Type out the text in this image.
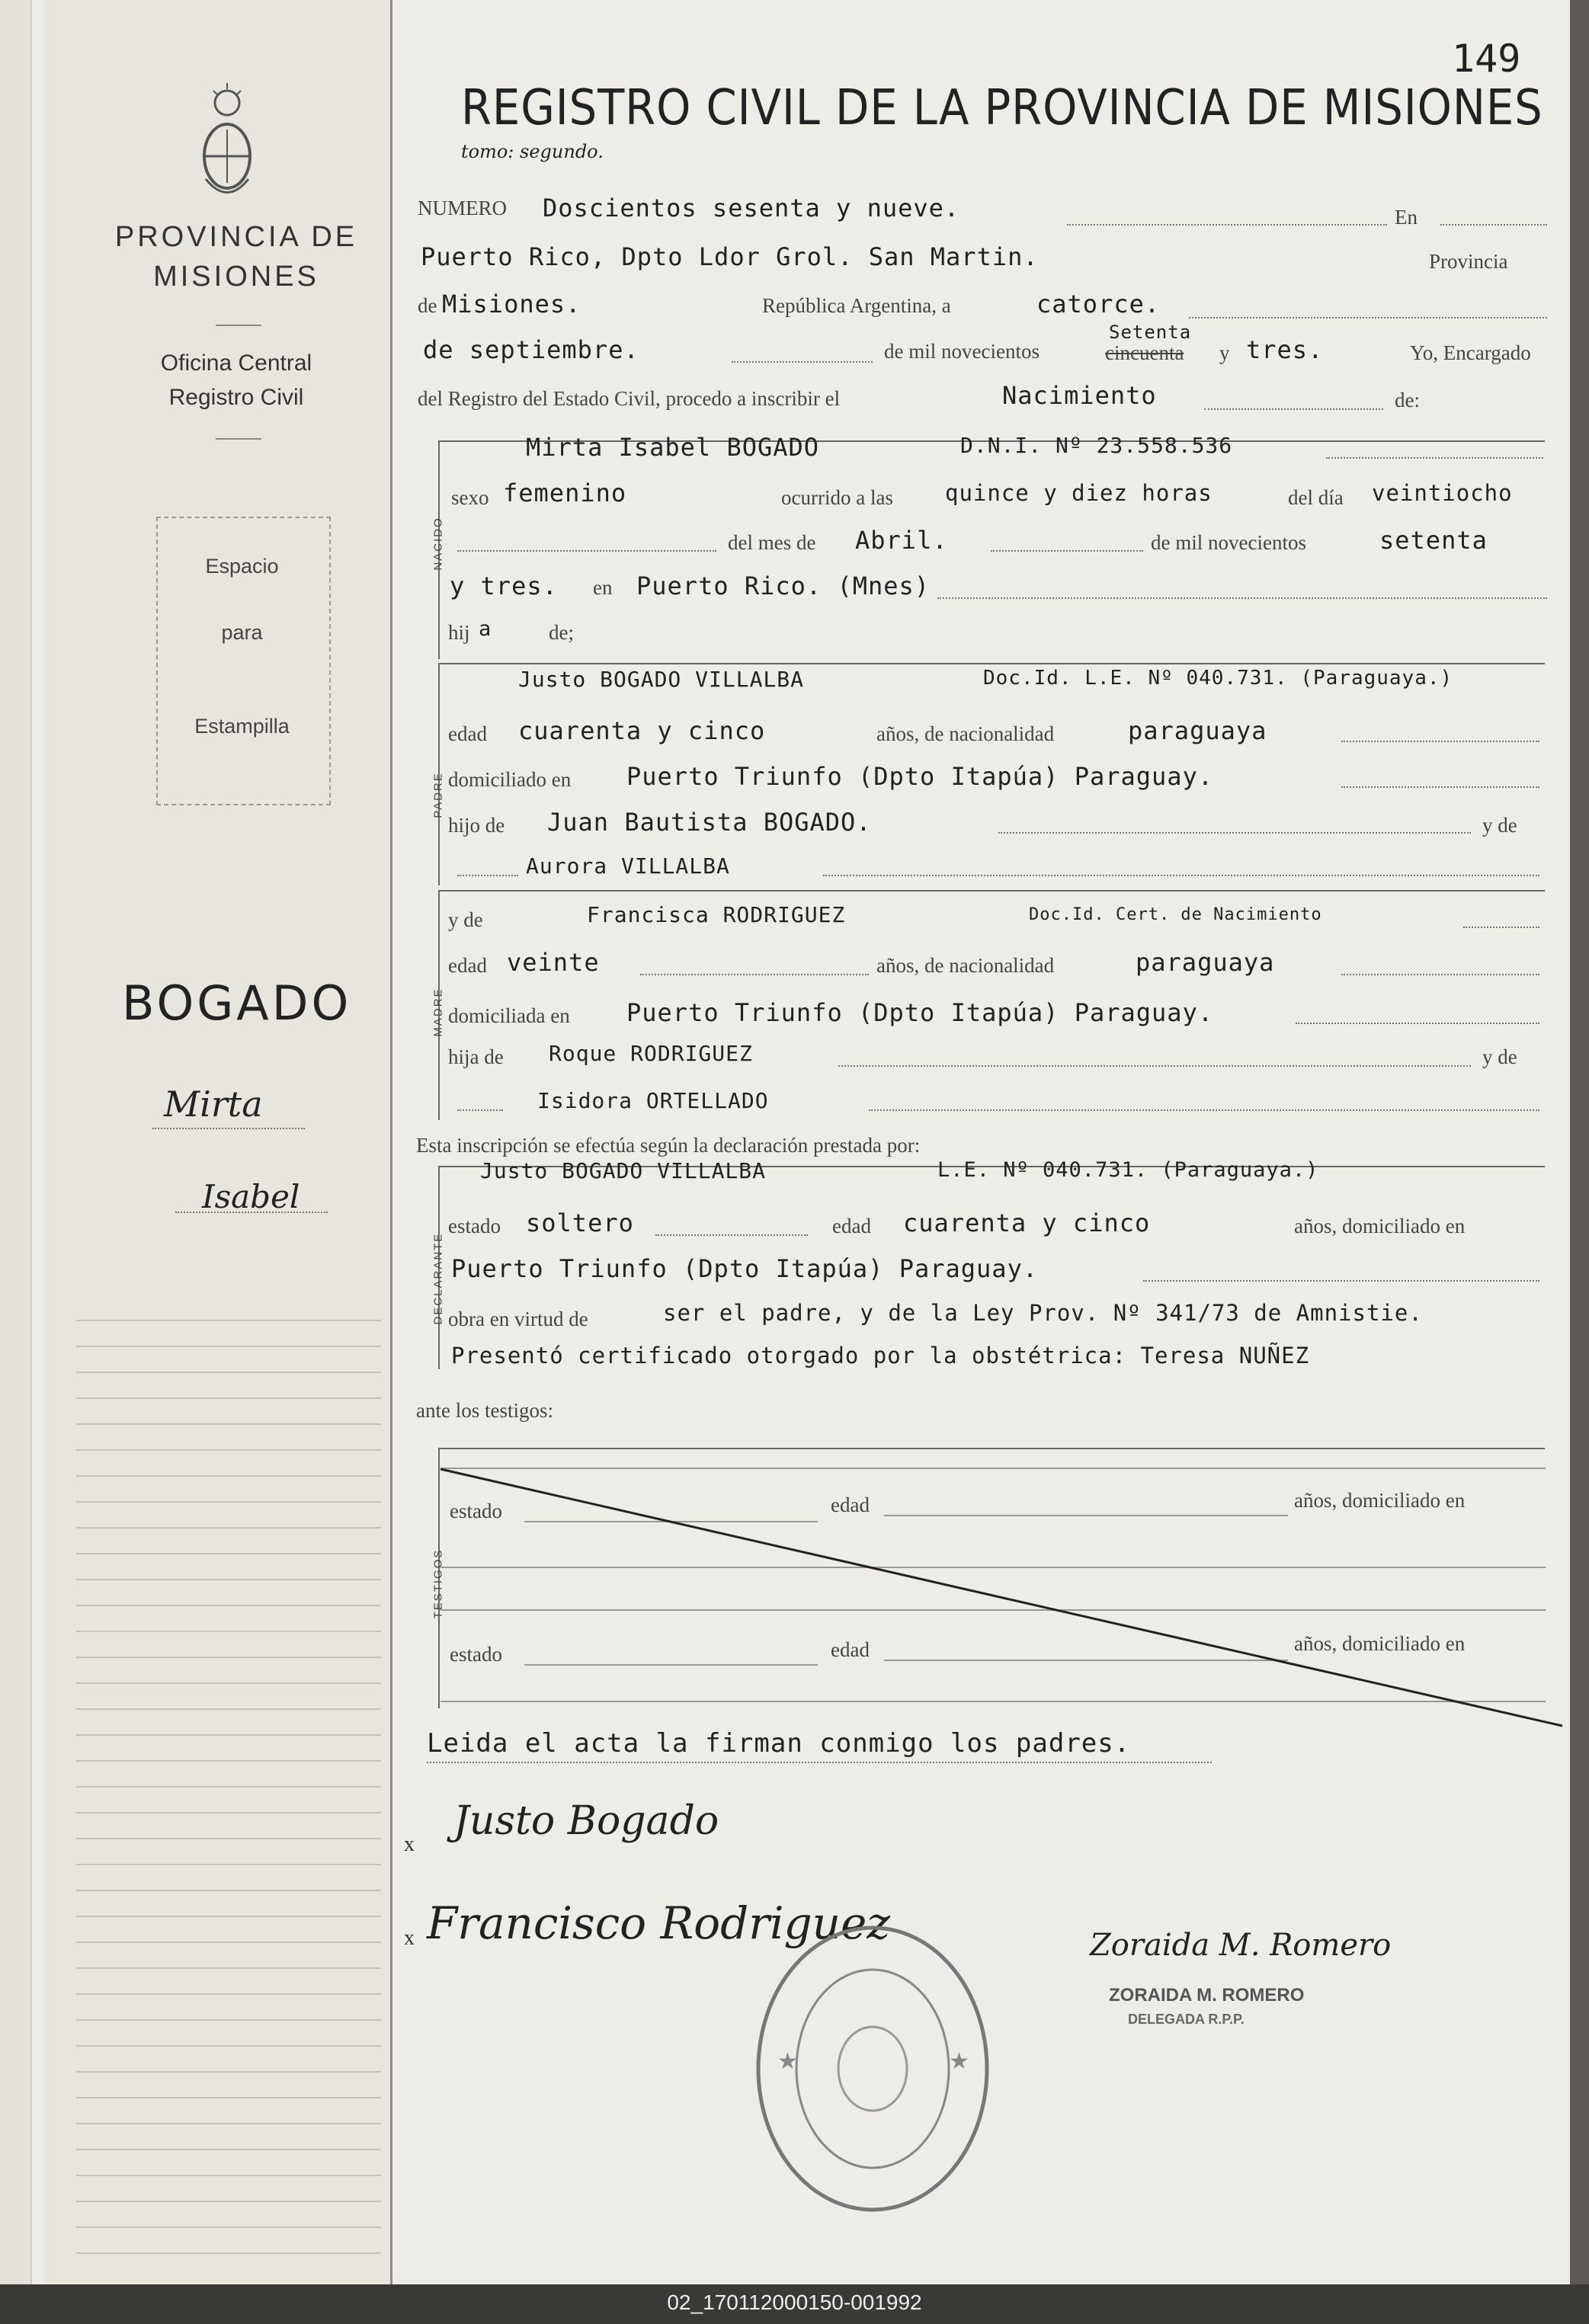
PROVINCIA DE
MISIONES
Oficina Central
Registro Civil
Espacio
para
Estampilla
BOGADO
Mirta
Isabel
149
REGISTRO CIVIL DE LA PROVINCIA DE MISIONES
tomo: segundo.
NUMERO Doscientos sesenta y nueve.	En
Puerto Rico, Dpto Ldor Grol. San Martin.	Provincia
de Misiones.	República Argentina, a	catorce.
de septiembre.	de mil novecientos
Setenta
cincuenta y tres.	Yo, Encargado
del Registro del Estado Civil, procedo a inscribir el	Nacimiento	de:
NACIDO
Mirta Isabel BOGADO	D.N.I. Nº 23.558.536
sexo femenino	ocurrido a las quince y diez horas	del día veintiocho
del mes de Abril.	de mil novecientos	setenta
y tres. en Puerto Rico. (Mnes)
hij a	de;
PADRE
Justo BOGADO VILLALBA	Doc.Id. L.E. Nº 040.731. (Paraguaya.)
edad cuarenta y cinco	años, de nacionalidad	paraguaya
domiciliado en Puerto Triunfo (Dpto Itapúa) Paraguay.
hijo de Juan Bautista BOGADO.	y de
Aurora VILLALBA
MADRE
y de	Francisca RODRIGUEZ	Doc.Id. Cert. de Nacimiento
edad veinte	años, de nacionalidad	paraguaya
domiciliada en Puerto Triunfo (Dpto Itapúa) Paraguay.
hija de Roque RODRIGUEZ	y de
Isidora ORTELLADO
Esta inscripción se efectúa según la declaración prestada por:
DECLARANTE
Justo BOGADO VILLALBA	L.E. Nº 040.731. (Paraguaya.)
estado soltero	edad cuarenta y cinco	años, domiciliado en
Puerto Triunfo (Dpto Itapúa) Paraguay.
obra en virtud de	ser el padre, y de la Ley Prov. Nº 341/73 de Amnistie.
Presentó certificado otorgado por la obstétrica: Teresa NUÑEZ
ante los testigos:
TESTIGOS
estado	edad	años, domiciliado en
estado	edad	años, domiciliado en
Leida el acta la firman conmigo los padres.
x
Justo Bogado
x Francisco Rodriguez
★	★
Zoraida M. Romero
ZORAIDA M. ROMERO
DELEGADA R.P.P.
02_170112000150-001992
